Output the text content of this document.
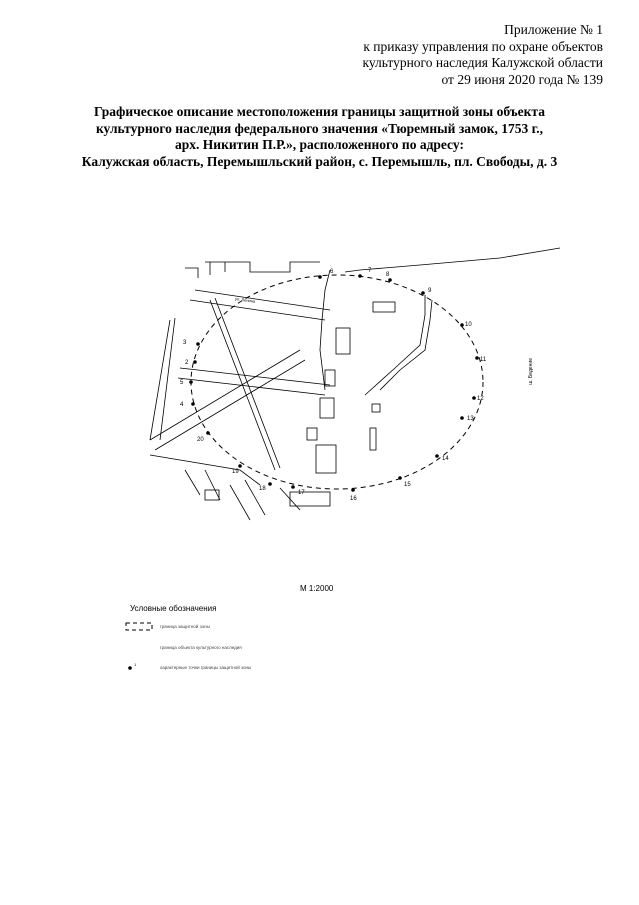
Приложение № 1
к приказу управления по охране объектов
культурного наследия Калужской области
от 29 июня 2020 года № 139
Графическое описание местоположения границы защитной зоны объекта
культурного наследия федерального значения «Тюремный замок, 1753 г.,
арх. Никитин П.Р.», расположенного по адресу:
Калужская область, Перемышльский район, с. Перемышль, пл. Свободы, д. 3
2
3
4
5
6	7
8
9
10
11
12
13
14
15
16
17
18
19
20
ул. Ленина
1
ш. Бедение
М 1:2000
Условные обозначения
граница защитной зоны
граница объекта культурного наследия
характерные точки границы защитной зоны
